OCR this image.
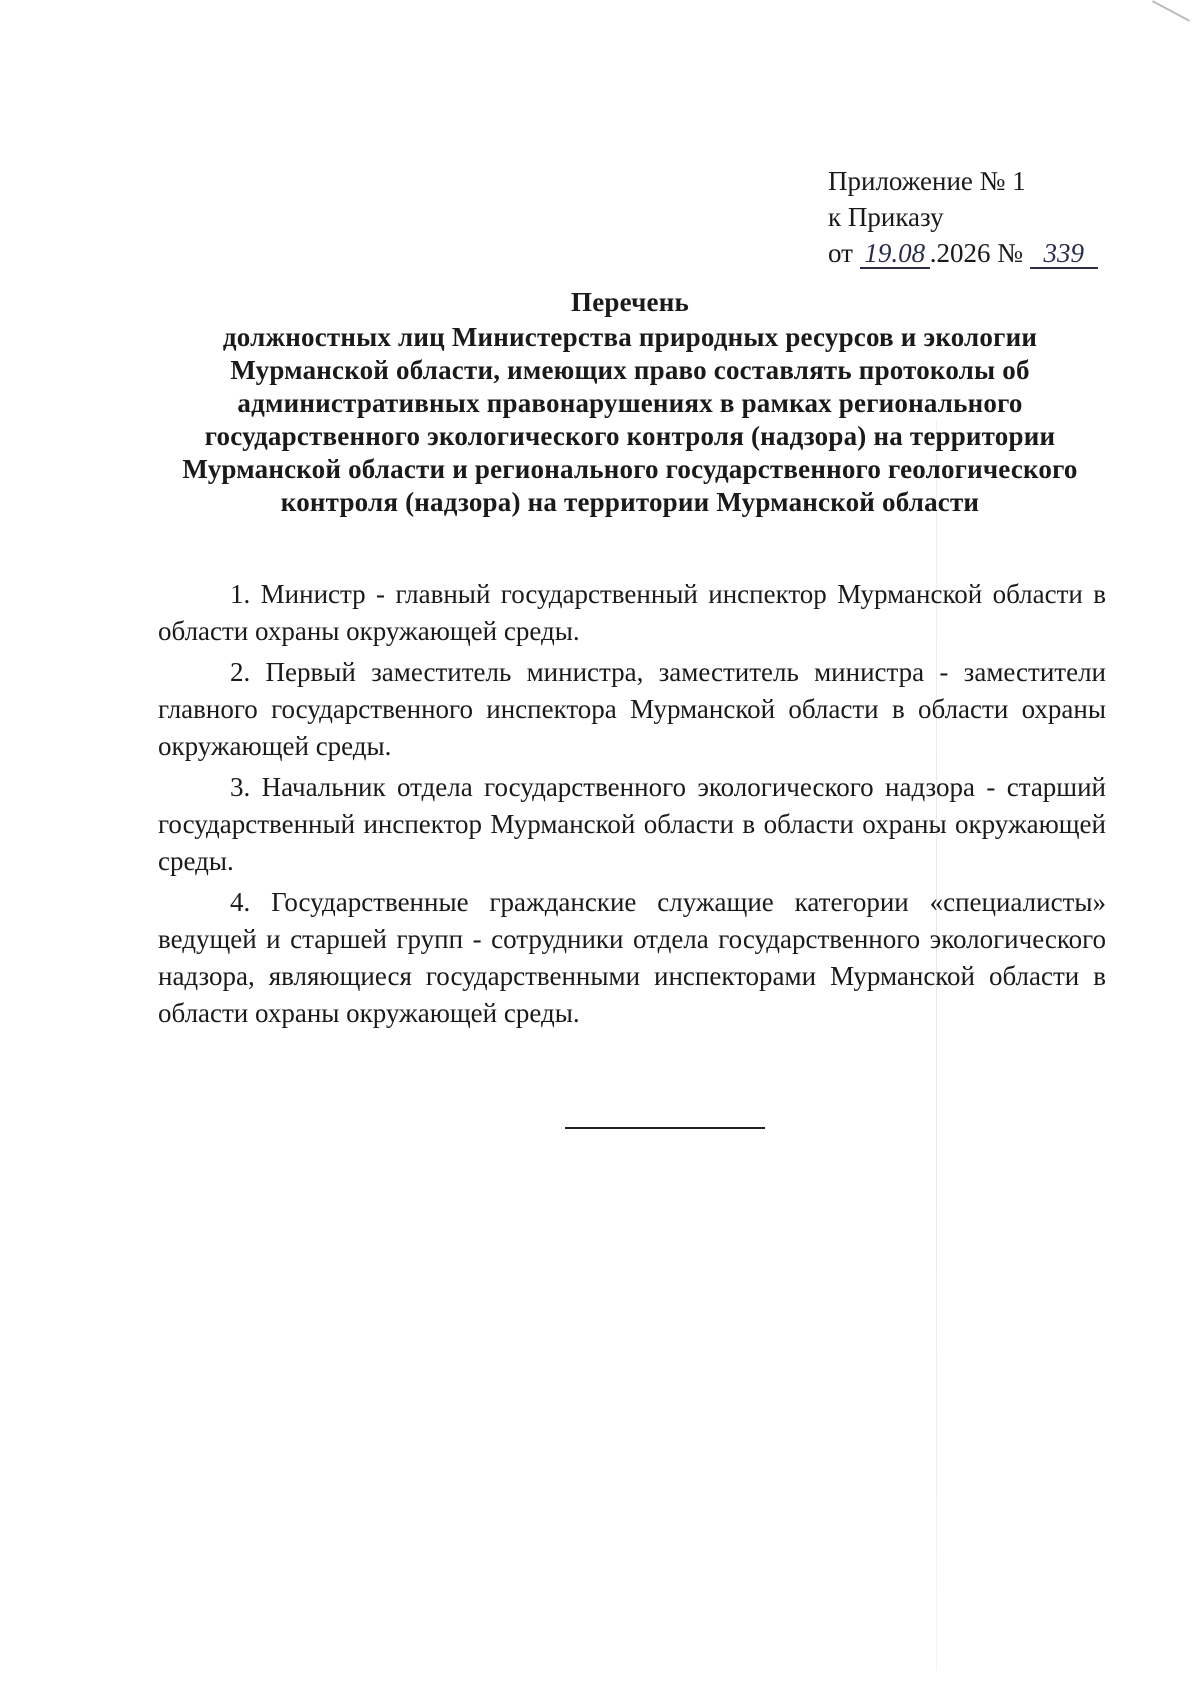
Приложение № 1
к Приказу
от 19.08 .2026 № 339
Перечень
должностных лиц Министерства природных ресурсов и экологии
Мурманской области, имеющих право составлять протоколы об
административных правонарушениях в рамках регионального
государственного экологического контроля (надзора) на территории
Мурманской области и регионального государственного геологического
контроля (надзора) на территории Мурманской области

1. Министр - главный государственный инспектор Мурманской области в области охраны окружающей среды.

2. Первый заместитель министра, заместитель министра - заместители главного государственного инспектора Мурманской области в области охраны окружающей среды.

3. Начальник отдела государственного экологического надзора - старший государственный инспектор Мурманской области в области охраны окружающей среды.

4. Государственные гражданские служащие категории «специалисты» ведущей и старшей групп - сотрудники отдела государственного экологического надзора, являющиеся государственными инспекторами Мурманской области в области охраны окружающей среды.
